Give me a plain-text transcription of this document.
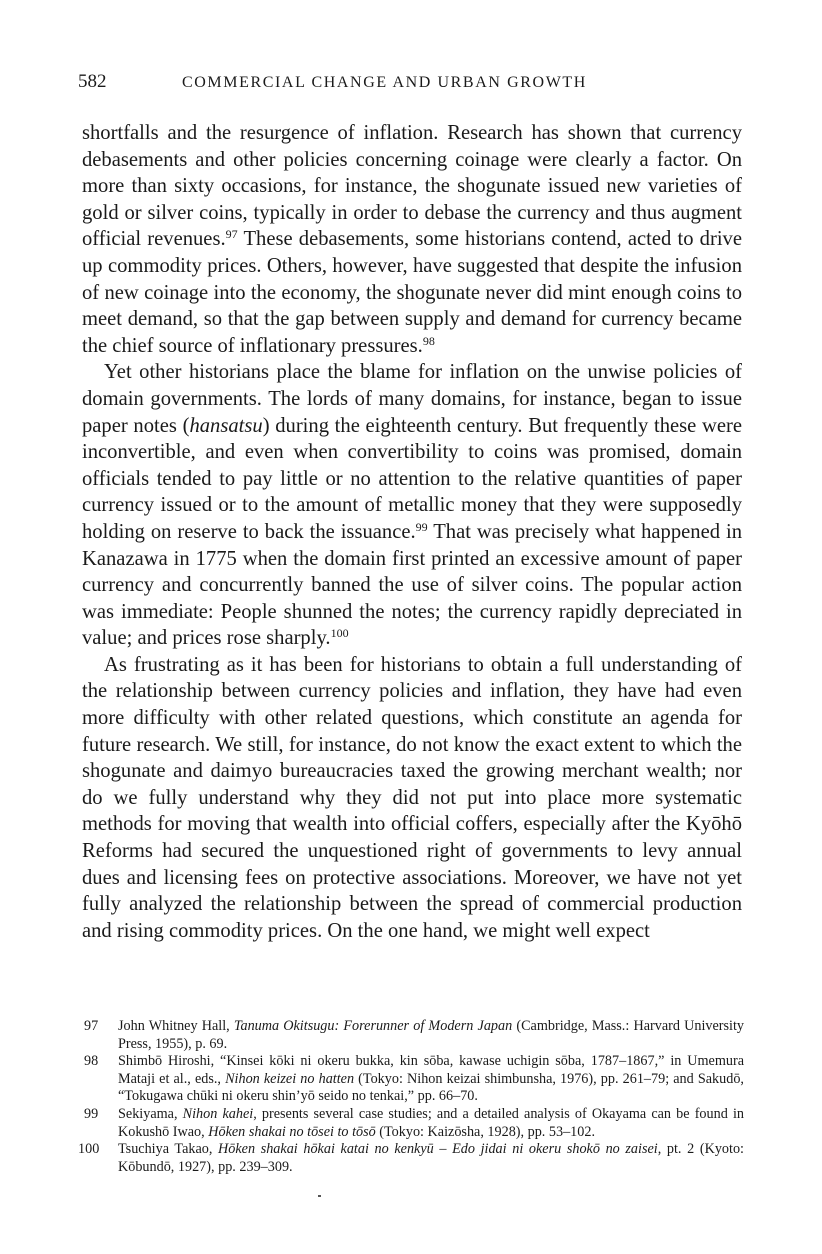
582	COMMERCIAL CHANGE AND URBAN GROWTH

shortfalls and the resurgence of inflation. Research has shown that currency debasements and other policies concerning coinage were clearly a factor. On more than sixty occasions, for instance, the shogunate issued new varieties of gold or silver coins, typically in order to debase the currency and thus augment official revenues.$^{97}$ These debasements, some historians contend, acted to drive up commodity prices. Others, however, have suggested that despite the infusion of new coinage into the economy, the shogunate never did mint enough coins to meet demand, so that the gap between supply and demand for currency became the chief source of inflationary pressures.$^{98}$

Yet other historians place the blame for inflation on the unwise policies of domain governments. The lords of many domains, for instance, began to issue paper notes (hansatsu) during the eighteenth century. But frequently these were inconvertible, and even when convertibility to coins was promised, domain officials tended to pay little or no attention to the relative quantities of paper currency issued or to the amount of metallic money that they were supposedly holding on reserve to back the issuance.$^{99}$ That was precisely what happened in Kanazawa in 1775 when the domain first printed an excessive amount of paper currency and concurrently banned the use of silver coins. The popular action was immediate: People shunned the notes; the currency rapidly depreciated in value; and prices rose sharply.$^{100}$

As frustrating as it has been for historians to obtain a full understanding of the relationship between currency policies and inflation, they have had even more difficulty with other related questions, which constitute an agenda for future research. We still, for instance, do not know the exact extent to which the shogunate and daimyo bureaucracies taxed the growing merchant wealth; nor do we fully understand why they did not put into place more systematic methods for moving that wealth into official coffers, especially after the Kyōhō Reforms had secured the unquestioned right of governments to levy annual dues and licensing fees on protective associations. Moreover, we have not yet fully analyzed the relationship between the spread of commercial production and rising commodity prices. On the one hand, we might well expect

97	John Whitney Hall, Tanuma Okitsugu: Forerunner of Modern Japan (Cambridge, Mass.: Harvard University Press, 1955), p. 69.
98	Shimbō Hiroshi, “Kinsei kōki ni okeru bukka, kin sōba, kawase uchigin sōba, 1787–1867,” in Umemura Mataji et al., eds., Nihon keizei no hatten (Tokyo: Nihon keizai shimbunsha, 1976), pp. 261–79; and Sakudō, “Tokugawa chūki ni okeru shin’yō seido no tenkai,” pp. 66–70.
99	Sekiyama, Nihon kahei, presents several case studies; and a detailed analysis of Okayama can be found in Kokushō Iwao, Hōken shakai no tōsei to tōsō (Tokyo: Kaizōsha, 1928), pp. 53–102.
100	Tsuchiya Takao, Hōken shakai hōkai katai no kenkyū – Edo jidai ni okeru shokō no zaisei, pt. 2 (Kyoto: Kōbundō, 1927), pp. 239–309.
